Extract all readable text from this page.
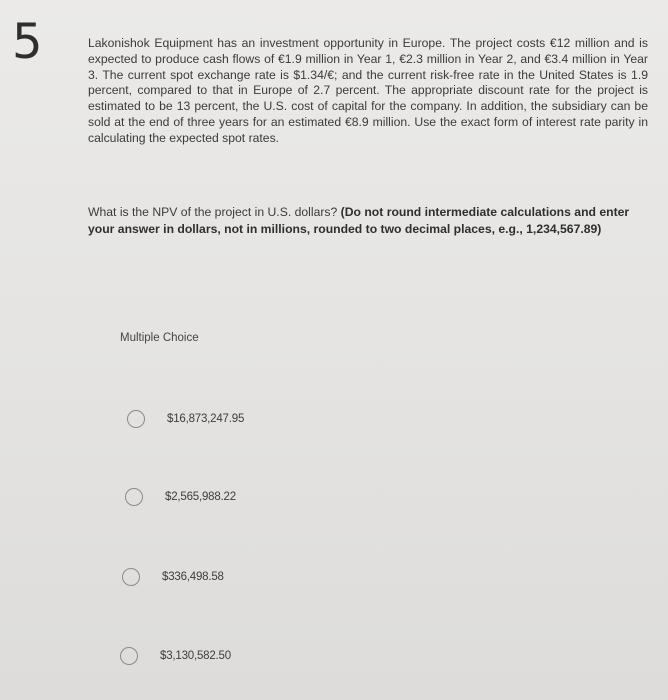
5	Lakonishok Equipment has an investment opportunity in Europe. The project costs €12 million and is expected to produce cash flows of €1.9 million in Year 1, €2.3 million in Year 2, and €3.4 million in Year 3. The current spot exchange rate is $1.34/€; and the current risk-free rate in the United States is 1.9 percent, compared to that in Europe of 2.7 percent. The appropriate discount rate for the project is estimated to be 13 percent, the U.S. cost of capital for the company. In addition, the subsidiary can be sold at the end of three years for an estimated €8.9 million. Use the exact form of interest rate parity in calculating the expected spot rates.
What is the NPV of the project in U.S. dollars? (Do not round intermediate calculations and enter your answer in dollars, not in millions, rounded to two decimal places, e.g., 1,234,567.89)
Multiple Choice
$16,873,247.95
$2,565,988.22
$336,498.58
$3,130,582.50
